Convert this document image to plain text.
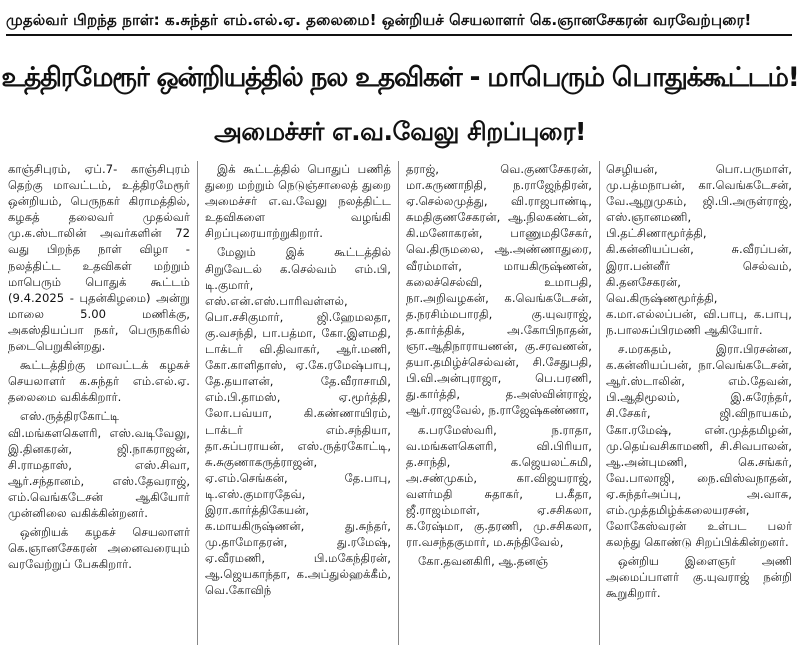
முதல்வர் பிறந்த நாள்: க.சுந்தர் எம்.எல்.ஏ. தலைமை! ஒன்றியச் செயலாளர் கெ.ஞானசேகரன் வரவேற்புரை!
உத்திரமேரூர் ஒன்றியத்தில் நல உதவிகள் - மாபெரும் பொதுக்கூட்டம்!
அமைச்சர் எ.வ.வேலு சிறப்புரை!

காஞ்சிபுரம், ஏப்.7- காஞ்சிபுரம் தெற்கு மாவட்டம், உத்திரமேரூர் ஒன்றியம், பெருநகர் கிராமத்தில், கழகத் தலைவர் முதல்வர் மு.க.ஸ்டாலின் அவர்களின் 72 வது பிறந்த நாள் விழா - நலத்திட்ட உதவிகள் மற்றும் மாபெரும் பொதுக் கூட்டம் (9.4.2025 - புதன்கிழமை) அன்று மாலை 5.00 மணிக்கு, அகஸ்தியப்பா நகர், பெருநகரில் நடைபெறுகின்றது.

கூட்டத்திற்கு மாவட்டக் கழகச் செயலாளர் க.சுந்தர் எம்.எல்.ஏ. தலைமை வகிக்கிறார்.

எஸ்.ருத்திரகோட்டி வி.மங்களகௌரி, எஸ்.வடிவேலு, இ.தினகரன், ஜி.நாகராஜன், சி.ராமதாஸ், எஸ்.சிவா, ஆர்.சந்தானம், எஸ்.தேவராஜ், எம்.வெங்கடேசன் ஆகியோர் முன்னிலை வகிக்கின்றனர்.

ஒன்றியக் கழகச் செயலாளர் கெ.ஞானசேகரன் அனைவரையும் வரவேற்றுப் பேசுகிறார்.

இக் கூட்டத்தில் பொதுப் பணித் துறை மற்றும் நெடுஞ்சாலைத் துறை அமைச்சர் எ.வ.வேலு நலத்திட்ட உதவிகளை வழங்கி சிறப்புரையாற்றுகிறார்.

மேலும் இக் கூட்டத்தில் சிறுவேடல் க.செல்வம் எம்.பி, டி.குமார், எஸ்.என்.எஸ்.பாரிவள்ளல், பொ.சசிகுமார், ஜி.ஹேமலதா, கு.வசந்தி, பா.பத்மா, கோ.இளமதி, டாக்டர் வி.திவாகர், ஆர்.மணி, கோ.காளிதாஸ், ஏ.கே.ரமேஷ்பாபு, தே.தயாளன், தே.வீராசாமி, எம்.பி.தாமஸ், ஏ.மூர்த்தி, லோ.பவ்யா, கி.கண்ணாயிரம், டாக்டர் எம்.சந்தியா, தா.சுப்பராயன், எஸ்.ருத்ரகோட்டி, சு.சுகுணாகருத்ராஜன், ஏ.எம்.செங்கன், தே.பாபு, டி.எஸ்.குமாரதேவ், இரா.கார்த்திகேயன், க.மாயகிருஷ்ணன், து.சுந்தர், மு.தாமோதரன், து.ரமேஷ், ஏ.வீரமணி, பி.மகேந்திரன், ஆ.ஜெயகாந்தா, க.அப்துல்ஹக்கீம், வெ.கோவிந்

தராஜ், வெ.குணசேகரன், மா.கருணாநிதி, ந.ராஜேந்திரன், ஏ.செல்லமுத்து, வி.ராஜபாண்டி, சுமதிகுணசேகரன், ஆ.நிலகண்டன், கி.மனோகரன், பாணுமதிசேகர், வெ.திருமலை, ஆ.அண்ணாதுரை, வீரம்மாள், மாயகிருஷ்ணன், கலைச்செல்வி, உமாபதி, நா.அறிவழகன், க.வெங்கடேசன், த.நரசிம்மபாரதி, கு.யுவராஜ், த.கார்த்திக், அ.கோபிநாதன், ஞா.ஆதிநாராயணன், கு.சரவணன், தயா.தமிழ்ச்செல்வன், சி.சேதுபதி, பி.வி.அன்புராஜா, பெ.பரணி, து.கார்த்தி, த.அஸ்வின்ராஜ், ஆர்.ராஜவேல், ந.ராஜேஷ்கண்ணா,

க.பரமேஸ்வரி, ந.ராதா, வ.மங்களகௌரி, வி.பிரியா, த.சாந்தி, க.ஜெயலட்சுமி, அ.சண்முகம், கா.விஜயராஜ், வளர்மதி சுதாகர், ப.கீதா, ஜீ.ராஜம்மாள், ஏ.சசிகலா, க.ரேஷ்மா, கு.தரணி, மு.சசிகலா, ரா.வசந்தகுமார், ம.சுந்திவேல்,

கோ.தவனகிரி, ஆ.தனஞ்

செழியன், பொ.பருமாள், மு.பத்மநாபன், கா.வெங்கடேசன், வே.ஆறுமுகம், ஜி.பி.அருள்ராஜ், எஸ்.ஞானமணி, பி.தட்சிணாமூர்த்தி, கி.கன்னியப்பன், சு.வீரப்பன், இரா.பன்னீர் செல்வம், கி.தனசேகரன், வெ.கிருஷ்ணமூர்த்தி, க.மா.எல்லப்பன், வி.பாபு, க.பாபு, ந.பாலசுப்பிரமணி ஆகியோர்.

ச.மரகதம், இரா.பிரசன்ன, க.கன்னியப்பன், நா.வெங்கடேசன், ஆர்.ஸ்டாலின், எம்.தேவன், பி.ஆதிமூலம், இ.சுரேந்தர், சி.சேகர், ஜி.விநாயகம், கோ.ரமேஷ், என்.முத்தமிழன், மு.தெய்வசிகாமணி, சி.சிவபாலன், ஆ.அன்புமணி, கெ.சங்கர், வே.பாலாஜி, நை.விஸ்வநாதன், ஏ.சுந்தர்அப்பு, அ.வாசு, எம்.முத்தமிழ்க்கலையரசன், லோகேஸ்வரன் உள்பட பலர் கலந்து கொண்டு சிறப்பிக்கின்றனர்.

ஒன்றிய இளைஞர் அணி அமைப்பாளர் கு.யுவராஜ் நன்றி கூறுகிறார்.
